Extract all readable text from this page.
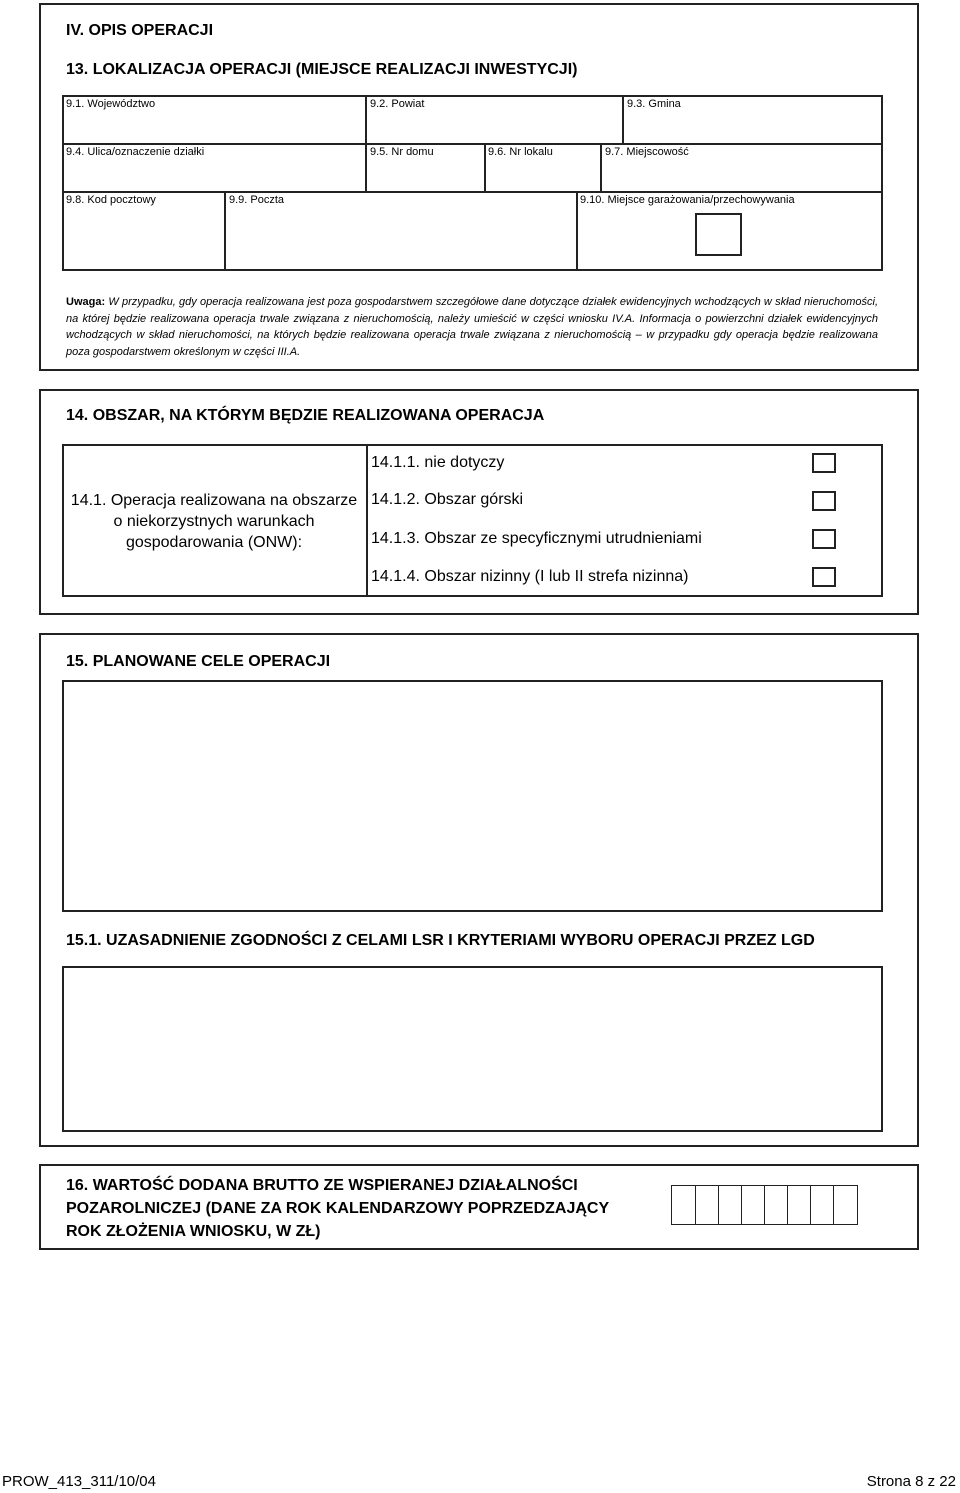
IV. OPIS OPERACJI
13. LOKALIZACJA OPERACJI (MIEJSCE REALIZACJI INWESTYCJI)
9.1. Województwo	9.2. Powiat	9.3. Gmina
9.4. Ulica/oznaczenie działki	9.5. Nr domu	9.6. Nr lokalu	9.7. Miejscowość
9.8. Kod pocztowy	9.9. Poczta	9.10. Miejsce garażowania/przechowywania
Uwaga: W przypadku, gdy operacja realizowana jest poza gospodarstwem szczegółowe dane dotyczące działek ewidencyjnych wchodzących w skład nieruchomości, na której będzie realizowana operacja trwale związana z nieruchomością, należy umieścić w części wniosku IV.A. Informacja o powierzchni działek ewidencyjnych wchodzących w skład nieruchomości, na których będzie realizowana operacja trwale związana z nieruchomością – w przypadku gdy operacja będzie realizowana poza gospodarstwem określonym w części III.A.
14. OBSZAR, NA KTÓRYM BĘDZIE REALIZOWANA OPERACJA
14.1. Operacja realizowana na obszarze
o niekorzystnych warunkach
gospodarowania (ONW):
14.1.1. nie dotyczy
14.1.2. Obszar górski
14.1.3. Obszar ze specyficznymi utrudnieniami
14.1.4. Obszar nizinny (I lub II strefa nizinna)
15. PLANOWANE CELE OPERACJI
15.1. UZASADNIENIE ZGODNOŚCI Z CELAMI LSR I KRYTERIAMI WYBORU OPERACJI PRZEZ LGD
16. WARTOŚĆ DODANA BRUTTO ZE WSPIERANEJ DZIAŁALNOŚCI
POZAROLNICZEJ (DANE ZA ROK KALENDARZOWY POPRZEDZAJĄCY
ROK ZŁOŻENIA WNIOSKU, W ZŁ)
PROW_413_311/10/04	Strona 8 z 22
